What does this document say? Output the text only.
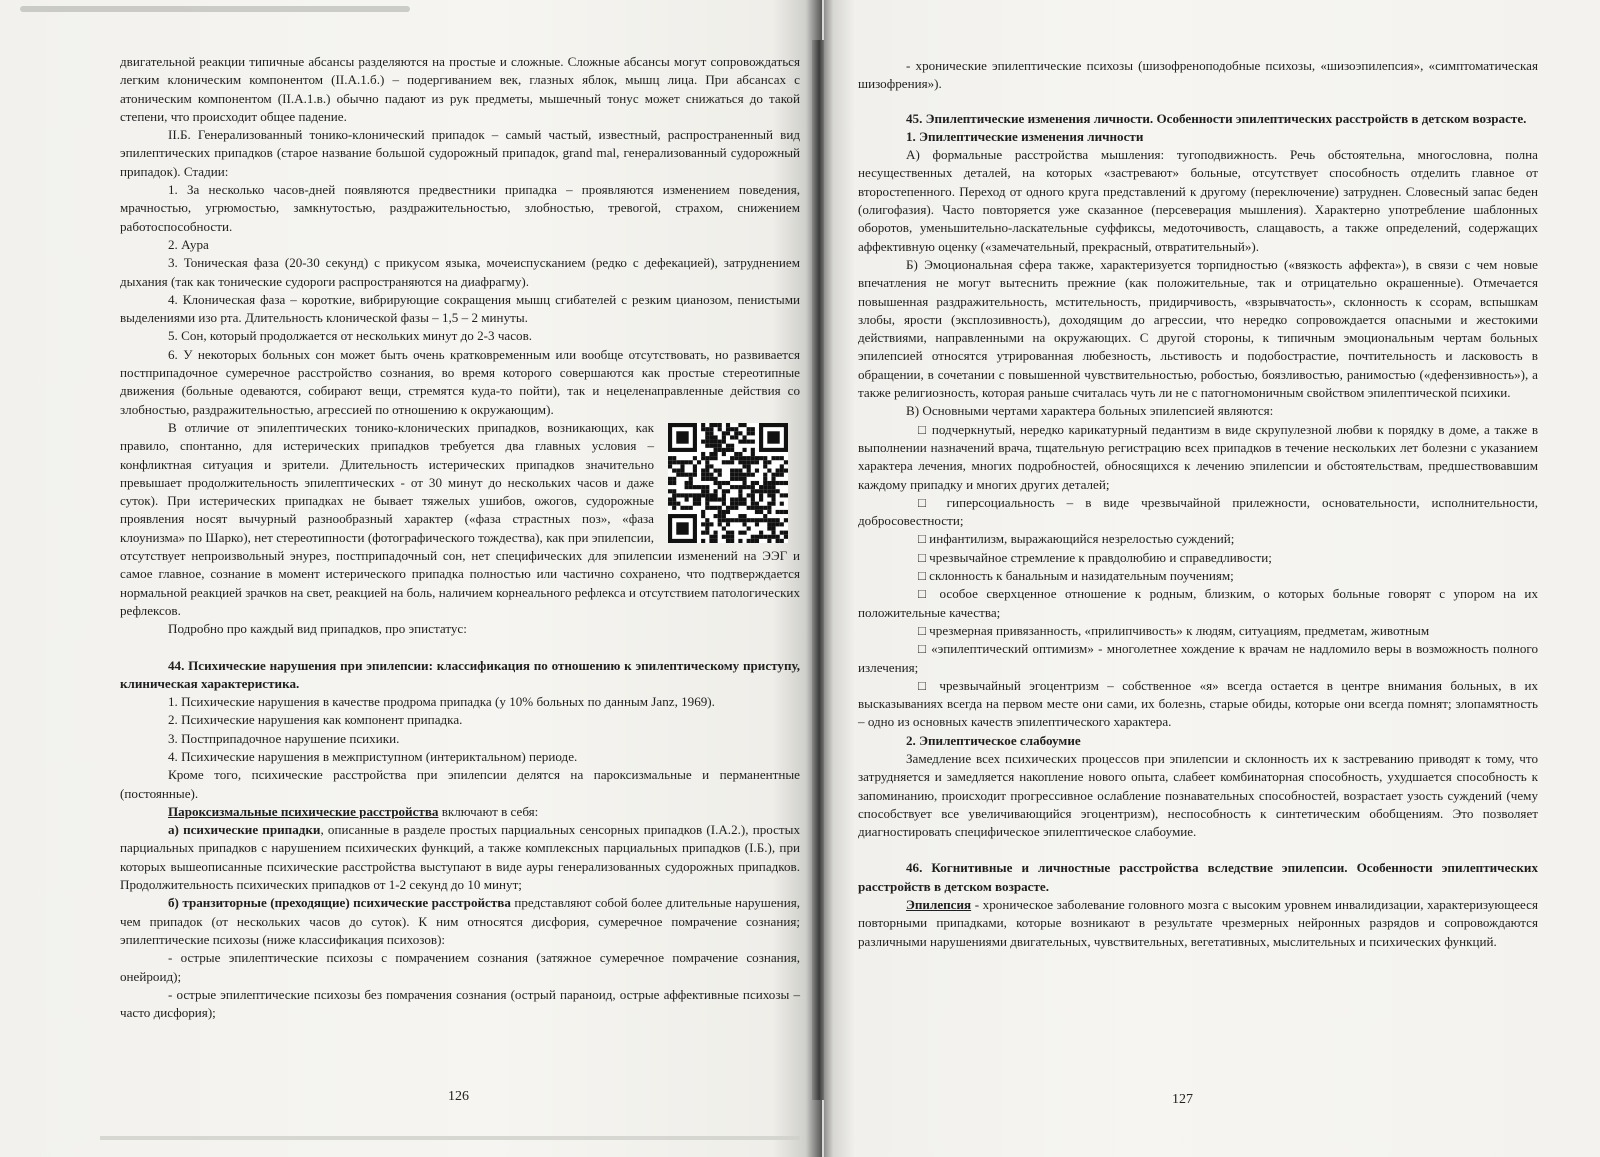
двигательной реакции типичные абсансы разделяются на простые и сложные. Сложные абсансы могут сопровождаться легким клоническим компонентом (II.A.1.б.) – подергиванием век, глазных яблок, мышц лица. При абсансах с атоническим компонентом (II.A.1.в.) обычно падают из рук предметы, мышечный тонус может снижаться до такой степени, что происходит общее падение.

II.Б. Генерализованный тонико-клонический припадок – самый частый, известный, распространенный вид эпилептических припадков (старое название большой судорожный припадок, grand mal, генерализованный судорожный припадок). Стадии:

1. За несколько часов-дней появляются предвестники припадка – проявляются изменением поведения, мрачностью, угрюмостью, замкнутостью, раздражительностью, злобностью, тревогой, страхом, снижением работоспособности.

2. Аура

3. Тоническая фаза (20-30 секунд) с прикусом языка, мочеиспусканием (редко с дефекацией), затруднением дыхания (так как тонические судороги распространяются на диафрагму).

4. Клоническая фаза – короткие, вибрирующие сокращения мышц сгибателей с резким цианозом, пенистыми выделениями изо рта. Длительность клонической фазы – 1,5 – 2 минуты.

5. Сон, который продолжается от нескольких минут до 2-3 часов.

6. У некоторых больных сон может быть очень кратковременным или вообще отсутствовать, но развивается постприпадочное сумеречное расстройство сознания, во время которого совершаются как простые стереотипные движения (больные одеваются, собирают вещи, стремятся куда-то пойти), так и нецеленаправленные действия со злобностью, раздражительностью, агрессией по отношению к окружающим).

В отличие от эпилептических тонико-клонических припадков, возникающих, как правило, спонтанно, для истерических припадков требуется два главных условия – конфликтная ситуация и зрители. Длительность истерических припадков значительно превышает продолжительность эпилептических - от 30 минут до нескольких часов и даже суток). При истерических припадках не бывает тяжелых ушибов, ожогов, судорожные проявления носят вычурный разнообразный характер («фаза страстных поз», «фаза клоунизма» по Шарко), нет стереотипности (фотографического тождества), как при эпилепсии, отсутствует непроизвольный энурез, постприпадочный сон, нет специфических для эпилепсии изменений на ЭЭГ и самое главное, сознание в момент истерического припадка полностью или частично сохранено, что подтверждается нормальной реакцией зрачков на свет, реакцией на боль, наличием корнеального рефлекса и отсутствием патологических рефлексов.

Подробно про каждый вид припадков, про эпистатус:

44. Психические нарушения при эпилепсии: классификация по отношению к эпилептическому приступу, клиническая характеристика.

1. Психические нарушения в качестве продрома припадка (у 10% больных по данным Janz, 1969).

2. Психические нарушения как компонент припадка.

3. Постприпадочное нарушение психики.

4. Психические нарушения в межприступном (интериктальном) периоде.

Кроме того, психические расстройства при эпилепсии делятся на пароксизмальные и перманентные (постоянные).

Пароксизмальные психические расстройства включают в себя:

а) психические припадки, описанные в разделе простых парциальных сенсорных припадков (I.A.2.), простых парциальных припадков с нарушением психических функций, а также комплексных парциальных припадков (I.Б.), при которых вышеописанные психические расстройства выступают в виде ауры генерализованных судорожных припадков. Продолжительность психических припадков от 1-2 секунд до 10 минут;

б) транзиторные (преходящие) психические расстройства представляют собой более длительные нарушения, чем припадок (от нескольких часов до суток). К ним относятся дисфория, сумеречное помрачение сознания; эпилептические психозы (ниже классификация психозов):

- острые эпилептические психозы с помрачением сознания (затяжное сумеречное помрачение сознания, онейроид);

- острые эпилептические психозы без помрачения сознания (острый параноид, острые аффективные психозы – часто дисфория);

126

- хронические эпилептические психозы (шизофреноподобные психозы, «шизоэпилепсия», «симптоматическая шизофрения»).

45. Эпилептические изменения личности. Особенности эпилептических расстройств в детском возрасте.

1. Эпилептические изменения личности

А) формальные расстройства мышления: тугоподвижность. Речь обстоятельна, многословна, полна несущественных деталей, на которых «застревают» больные, отсутствует способность отделить главное от второстепенного. Переход от одного круга представлений к другому (переключение) затруднен. Словесный запас беден (олигофазия). Часто повторяется уже сказанное (персеверация мышления). Характерно употребление шаблонных оборотов, уменьшительно-ласкательные суффиксы, медоточивость, слащавость, а также определений, содержащих аффективную оценку («замечательный, прекрасный, отвратительный»).

Б) Эмоциональная сфера также, характеризуется торпидностью («вязкость аффекта»), в связи с чем новые впечатления не могут вытеснить прежние (как положительные, так и отрицательно окрашенные). Отмечается повышенная раздражительность, мстительность, придирчивость, «взрывчатость», склонность к ссорам, вспышкам злобы, ярости (эксплозивность), доходящим до агрессии, что нередко сопровождается опасными и жестокими действиями, направленными на окружающих. С другой стороны, к типичным эмоциональным чертам больных эпилепсией относятся утрированная любезность, льстивость и подобострастие, почтительность и ласковость в обращении, в сочетании с повышенной чувствительностью, робостью, боязливостью, ранимостью («дефензивность»), а также религиозность, которая раньше считалась чуть ли не с патогномоничным свойством эпилептической психики.

В) Основными чертами характера больных эпилепсией являются:

□ подчеркнутый, нередко карикатурный педантизм в виде скрупулезной любви к порядку в доме, а также в выполнении назначений врача, тщательную регистрацию всех припадков в течение нескольких лет болезни с указанием характера лечения, многих подробностей, обносящихся к лечению эпилепсии и обстоятельствам, предшествовавшим каждому припадку и многих других деталей;

□ гиперсоциальность – в виде чрезвычайной прилежности, основательности, исполнительности, добросовестности;

□ инфантилизм, выражающийся незрелостью суждений;

□ чрезвычайное стремление к правдолюбию и справедливости;

□ склонность к банальным и назидательным поучениям;

□ особое сверхценное отношение к родным, близким, о которых больные говорят с упором на их положительные качества;

□ чрезмерная привязанность, «прилипчивость» к людям, ситуациям, предметам, животным

□ «эпилептический оптимизм» - многолетнее хождение к врачам не надломило веры в возможность полного излечения;

□ чрезвычайный эгоцентризм – собственное «я» всегда остается в центре внимания больных, в их высказываниях всегда на первом месте они сами, их болезнь, старые обиды, которые они всегда помнят; злопамятность – одно из основных качеств эпилептического характера.

2. Эпилептическое слабоумие

Замедление всех психических процессов при эпилепсии и склонность их к застреванию приводят к тому, что затрудняется и замедляется накопление нового опыта, слабеет комбинаторная способность, ухудшается способность к запоминанию, происходит прогрессивное ослабление познавательных способностей, возрастает узость суждений (чему способствует все увеличивающийся эгоцентризм), неспособность к синтетическим обобщениям. Это позволяет диагностировать специфическое эпилептическое слабоумие.

46. Когнитивные и личностные расстройства вследствие эпилепсии. Особенности эпилептических расстройств в детском возрасте.

Эпилепсия - хроническое заболевание головного мозга с высоким уровнем инвалидизации, характеризующееся повторными припадками, которые возникают в результате чрезмерных нейронных разрядов и сопровождаются различными нарушениями двигательных, чувствительных, вегетативных, мыслительных и психических функций.

127
